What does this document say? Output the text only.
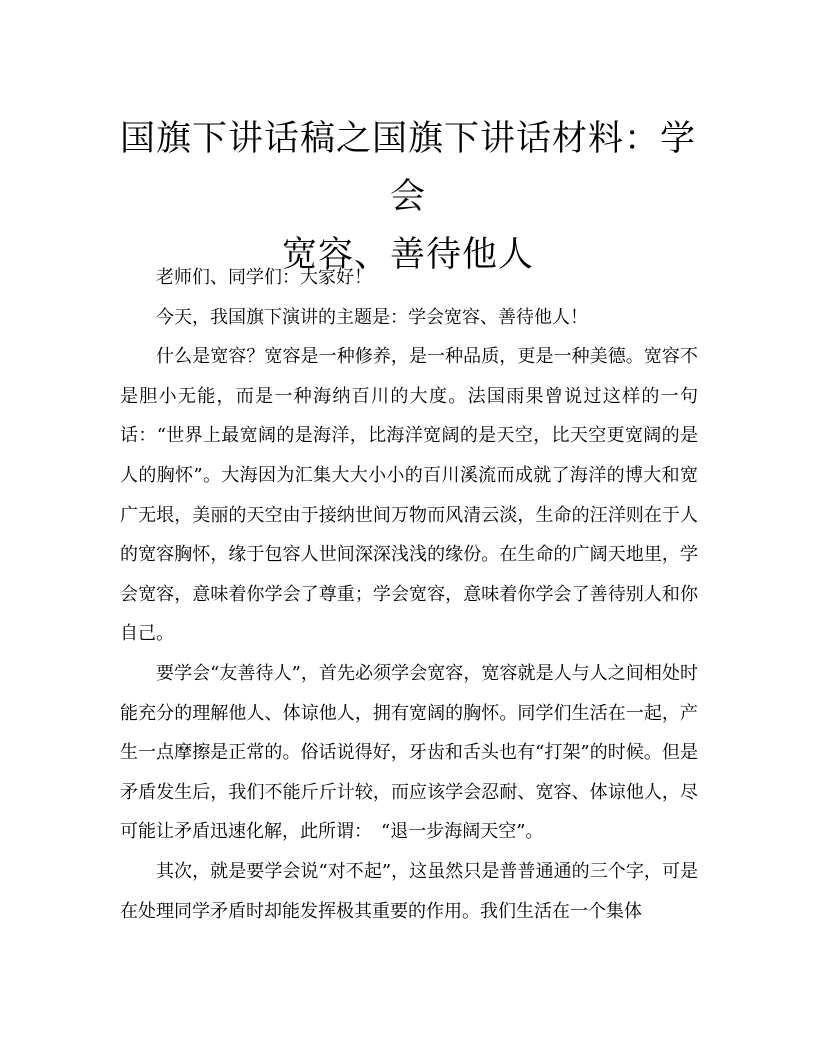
国旗下讲话稿之国旗下讲话材料：学会
宽容、善待他人

老师们、同学们：大家好！

今天，我国旗下演讲的主题是：学会宽容、善待他人！

什么是宽容？宽容是一种修养，是一种品质，更是一种美德。宽容不是胆小无能，而是一种海纳百川的大度。法国雨果曾说过这样的一句话：“世界上最宽阔的是海洋，比海洋宽阔的是天空，比天空更宽阔的是人的胸怀”。大海因为汇集大大小小的百川溪流而成就了海洋的博大和宽广无垠，美丽的天空由于接纳世间万物而风清云淡，生命的汪洋则在于人的宽容胸怀，缘于包容人世间深深浅浅的缘份。在生命的广阔天地里，学会宽容，意味着你学会了尊重；学会宽容，意味着你学会了善待别人和你自己。

要学会“友善待人”，首先必须学会宽容，宽容就是人与人之间相处时能充分的理解他人、体谅他人，拥有宽阔的胸怀。同学们生活在一起，产生一点摩擦是正常的。俗话说得好，牙齿和舌头也有“打架”的时候。但是矛盾发生后，我们不能斤斤计较，而应该学会忍耐、宽容、体谅他人，尽可能让矛盾迅速化解，此所谓：　“退一步海阔天空”。

其次，就是要学会说“对不起”，这虽然只是普普通通的三个字，可是在处理同学矛盾时却能发挥极其重要的作用。我们生活在一个集体
